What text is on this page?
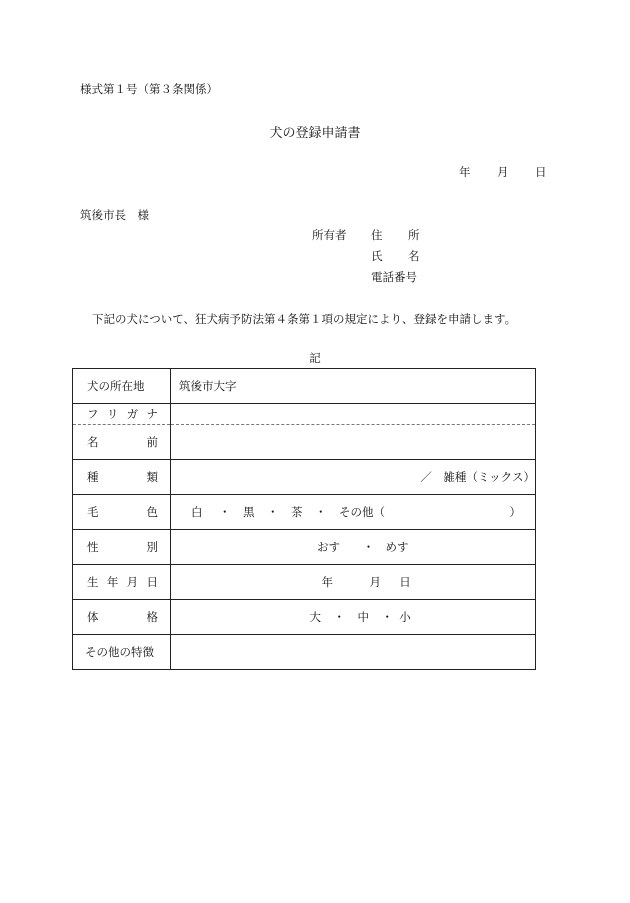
様式第１号（第３条関係）
犬の登録申請書
年 月 日
筑後市長　様
所有者 住 所
氏 名
電話番号
下記の犬について、狂犬病予防法第４条第１項の規定により、登録を申請します。
記
犬の所在地	筑後市大字

フ リ ガ ナ	

名 前	

種 類	／　雑種（ミックス）

毛 色	白 ・ 黒 ・ 茶 ・ その他（ ）

性 別	おす ・ めす

生 年 月 日	年 月 日

体 格	大 ・ 中 ・ 小
その他の特徴	
